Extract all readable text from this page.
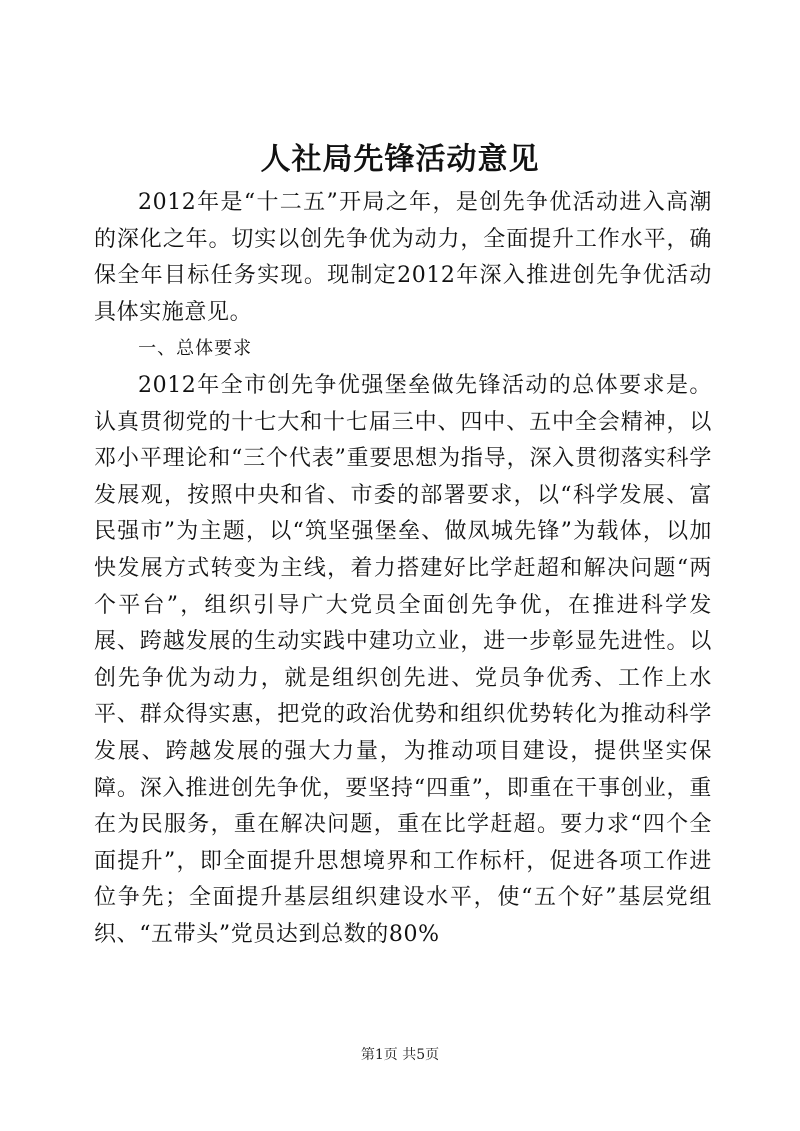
人社局先锋活动意见

2012年是“十二五”开局之年，是创先争优活动进入高潮的深化之年。切实以创先争优为动力，全面提升工作水平，确保全年目标任务实现。现制定2012年深入推进创先争优活动具体实施意见。

一、总体要求

2012年全市创先争优强堡垒做先锋活动的总体要求是。认真贯彻党的十七大和十七届三中、四中、五中全会精神，以邓小平理论和“三个代表”重要思想为指导，深入贯彻落实科学发展观，按照中央和省、市委的部署要求，以“科学发展、富民强市”为主题，以“筑坚强堡垒、做凤城先锋”为载体，以加快发展方式转变为主线，着力搭建好比学赶超和解决问题“两个平台”，组织引导广大党员全面创先争优，在推进科学发展、跨越发展的生动实践中建功立业，进一步彰显先进性。以创先争优为动力，就是组织创先进、党员争优秀、工作上水平、群众得实惠，把党的政治优势和组织优势转化为推动科学发展、跨越发展的强大力量，为推动项目建设，提供坚实保障。深入推进创先争优，要坚持“四重”，即重在干事创业，重在为民服务，重在解决问题，重在比学赶超。要力求“四个全面提升”，即全面提升思想境界和工作标杆，促进各项工作进位争先；全面提升基层组织建设水平，使“五个好”基层党组织、“五带头”党员达到总数的80%

第1页 共5页
